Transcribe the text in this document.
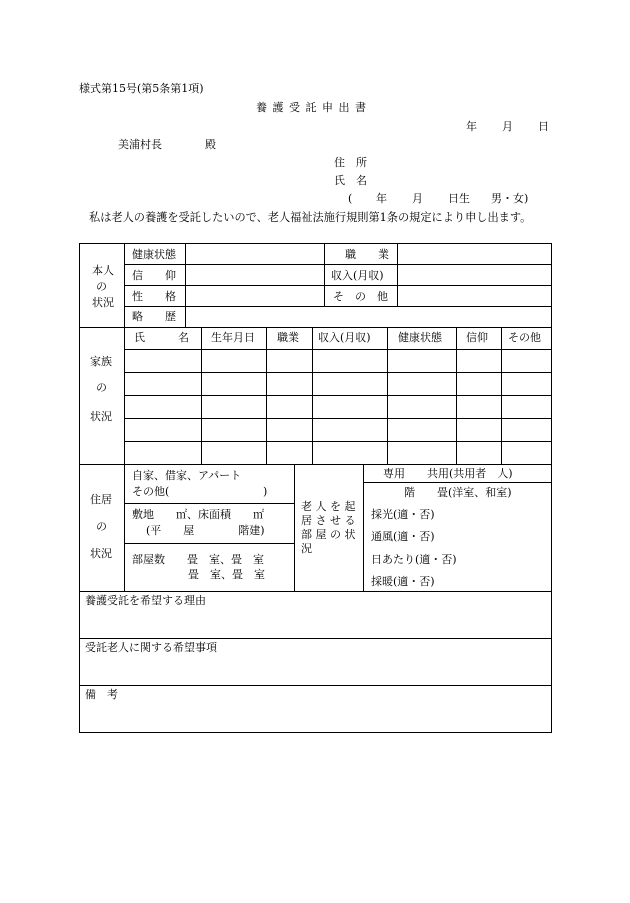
様式第15号(第5条第1項)
養 護 受 託 申 出 書
年 月 日
美浦村長	殿
住　所
氏　名
( 年 月 日生 男・女)
私は老人の養護を受託したいので、老人福祉法施行規則第1条の規定により申し出ます。
本人
の
状況
健康状態	職　　業
信　　仰	収入(月収)
性　　格	そ　の　他
略　　歴
家族
の
状況
氏　　　名 生年月日 職業 収入(月収) 健康状態 信仰 その他
住居
の
状況
自家、借家、アパート
その他(	)
敷地　　㎡、床面積　　㎡
(平　　屋　　　　階建)
部屋数　　畳　室、畳　室
畳　室、畳　室
老 人 を 起
居 さ せ る
部 屋 の 状
況
専用　　共用(共用者　人)
階　　畳(洋室、和室)
採光(適・否)
通風(適・否)
日あたり(適・否)
採暖(適・否)
養護受託を希望する理由
受託老人に関する希望事項
備　考
